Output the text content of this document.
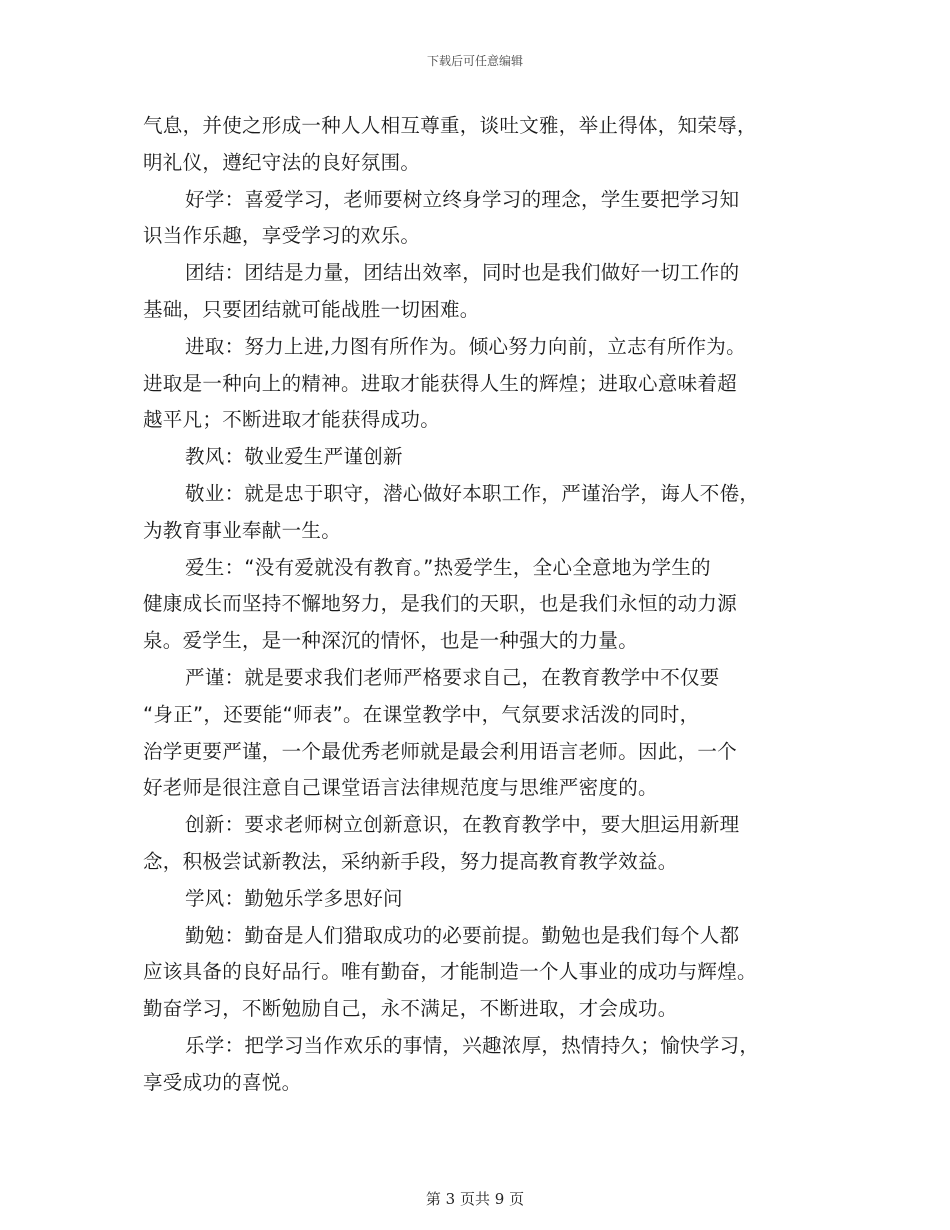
下载后可任意编辑
气息，并使之形成一种人人相互尊重，谈吐文雅，举止得体，知荣辱，
明礼仪，遵纪守法的良好氛围。
好学：喜爱学习，老师要树立终身学习的理念，学生要把学习知
识当作乐趣，享受学习的欢乐。
团结：团结是力量，团结出效率，同时也是我们做好一切工作的
基础，只要团结就可能战胜一切困难。
进取：努力上进,力图有所作为。倾心努力向前，立志有所作为。
进取是一种向上的精神。进取才能获得人生的辉煌；进取心意味着超
越平凡；不断进取才能获得成功。
教风：敬业爱生严谨创新
敬业：就是忠于职守，潜心做好本职工作，严谨治学，诲人不倦，
为教育事业奉献一生。
爱生：“没有爱就没有教育。”热爱学生，全心全意地为学生的
健康成长而坚持不懈地努力，是我们的天职，也是我们永恒的动力源
泉。爱学生，是一种深沉的情怀，也是一种强大的力量。
严谨：就是要求我们老师严格要求自己，在教育教学中不仅要
“身正”，还要能“师表”。在课堂教学中，气氛要求活泼的同时，
治学更要严谨，一个最优秀老师就是最会利用语言老师。因此，一个
好老师是很注意自己课堂语言法律规范度与思维严密度的。
创新：要求老师树立创新意识，在教育教学中，要大胆运用新理
念，积极尝试新教法，采纳新手段，努力提高教育教学效益。
学风：勤勉乐学多思好问
勤勉：勤奋是人们猎取成功的必要前提。勤勉也是我们每个人都
应该具备的良好品行。唯有勤奋，才能制造一个人事业的成功与辉煌。
勤奋学习，不断勉励自己，永不满足，不断进取，才会成功。
乐学：把学习当作欢乐的事情，兴趣浓厚，热情持久；愉快学习，
享受成功的喜悦。
第 3 页共 9 页
